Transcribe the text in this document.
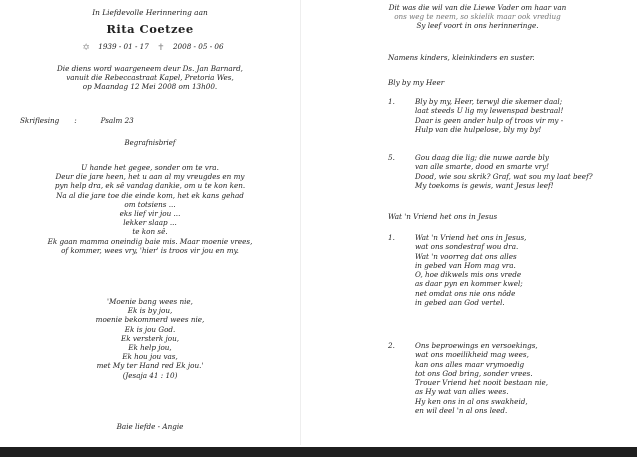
In Liefdevolle Herinnering aan
Rita Coetzee
✡ 1939 - 01 - 17 ✝ 2008 - 05 - 06
Die diens word waargeneem deur Ds. Jan Barnard,
vanuit die Rebeccastraat Kapel, Pretoria Wes,
op Maandag 12 Mei 2008 om 13h00.
Skriflesing :	Psalm 23
Begrafnisbrief
U hande het gegee, sonder om te vra.
Deur die jare heen, het u aan al my vreugdes en my
pyn help dra, ek sê vandag dankie, om u te kon ken.
Na al die jare toe die einde kom, het ek kans gehad
om totsiens ...
eks lief vir jou ...
lekker slaap ...
te kon sê.
Ek gaan mamma oneindig baie mis. Maar moenie vrees,
of kommer, wees vry, 'hier' is troos vir jou en my.
'Moenie bang wees nie,
Ek is by jou,
moenie bekommerd wees nie,
Ek is jou God.
Ek versterk jou,
Ek help jou,
Ek hou jou vas,
met My ter Hand red Ek jou.'
(Jesaja 41 : 10)
Baie liefde - Angie
Dit was die wil van die Liewe Vader om haar van
ons weg te neem, so skielik maar ook vrediug
Sy leef voort in ons herinneringe.
Namens kinders, kleinkinders en suster.
Bly by my Heer
1.	Bly by my, Heer, terwyl die skemer daal;
laat steeds U lig my lewenspad bestraal!
Daar is geen ander hulp of troos vir my -
Hulp van die hulpelose, bly my by!
5.	Gou daag die lig; die nuwe aarde bly
van alle smarte, dood en smarte vry!
Dood, wie sou skrik? Graf, wat sou my laat beef?
My toekoms is gewis, want Jesus leef!
Wat 'n Vriend het ons in Jesus
1.	Wat 'n Vriend het ons in Jesus,
wat ons sondestraf wou dra.
Wat 'n voorreg dat ons alles
in gebed van Hom mag vra.
O, hoe dikwels mis ons vrede
as daar pyn en kommer kwel;
net omdat ons nie ons nôde
in gebed aan God vertel.
2.	Ons beproewings en versoekings,
wat ons moeilikheid mag wees,
kan ons alles maar vrymoedig
tot ons God bring, sonder vrees.
Trouer Vriend het nooit bestaan nie,
as Hy wat van alles wees.
Hy ken ons in al ons swakheid,
en wil deel 'n al ons leed.
